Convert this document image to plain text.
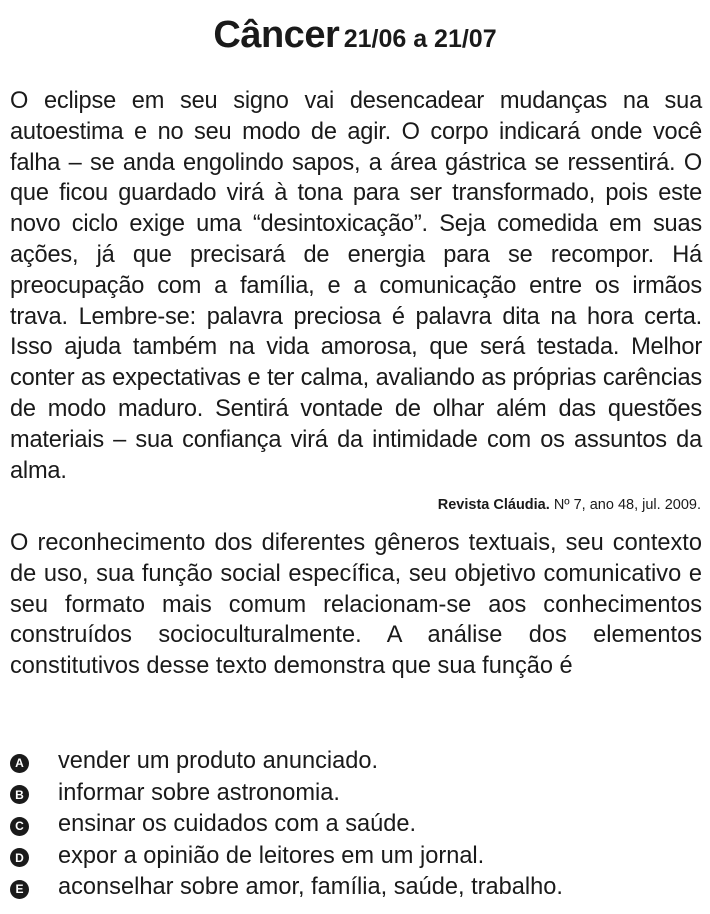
Câncer 21/06 a 21/07
O eclipse em seu signo vai desencadear mudanças na sua autoestima e no seu modo de agir. O corpo indicará onde você falha – se anda engolindo sapos, a área gástrica se ressentirá. O que ficou guardado virá à tona para ser transformado, pois este novo ciclo exige uma “desintoxicação”. Seja comedida em suas ações, já que precisará de energia para se recompor. Há preocupação com a família, e a comunicação entre os irmãos trava. Lembre-se: palavra preciosa é palavra dita na hora certa. Isso ajuda também na vida amorosa, que será testada. Melhor conter as expectativas e ter calma, avaliando as próprias carências de modo maduro. Sentirá vontade de olhar além das questões materiais – sua confiança virá da intimidade com os assuntos da alma.
Revista Cláudia. Nº 7, ano 48, jul. 2009.
O reconhecimento dos diferentes gêneros textuais, seu contexto de uso, sua função social específica, seu objetivo comunicativo e seu formato mais comum relacionam-se aos conhecimentos construídos socioculturalmente. A análise dos elementos constitutivos desse texto demonstra que sua função é
A vender um produto anunciado.
B informar sobre astronomia.
C ensinar os cuidados com a saúde.
D expor a opinião de leitores em um jornal.
E aconselhar sobre amor, família, saúde, trabalho.
